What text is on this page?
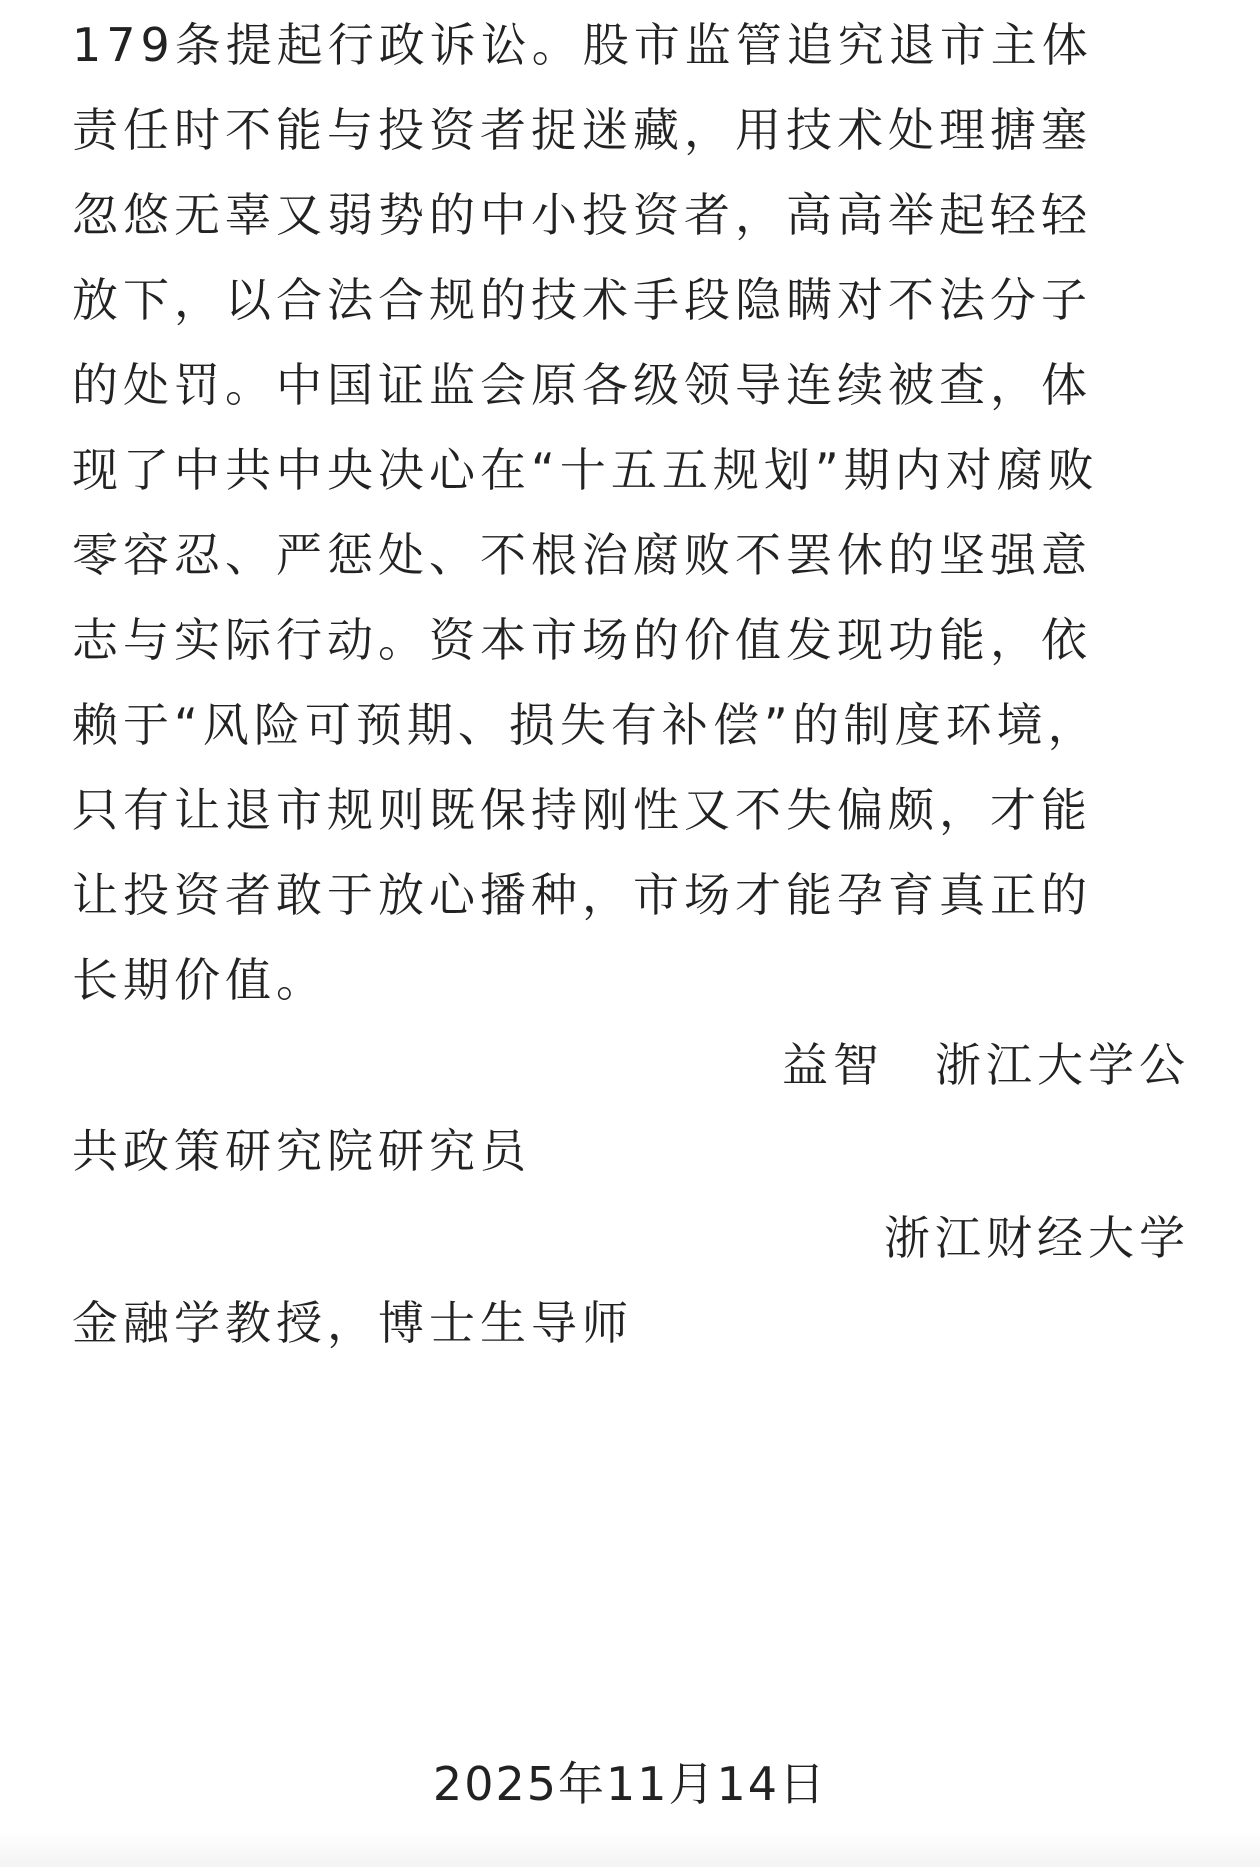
179条提起行政诉讼。股市监管追究退市主体
责任时不能与投资者捉迷藏，用技术处理搪塞
忽悠无辜又弱势的中小投资者，高高举起轻轻
放下，以合法合规的技术手段隐瞒对不法分子
的处罚。中国证监会原各级领导连续被查，体
现了中共中央决心在“十五五规划”期内对腐败
零容忍、严惩处、不根治腐败不罢休的坚强意
志与实际行动。资本市场的价值发现功能，依
赖于“风险可预期、损失有补偿”的制度环境，
只有让退市规则既保持刚性又不失偏颇，才能
让投资者敢于放心播种，市场才能孕育真正的
长期价值。
益智　浙江大学公
共政策研究院研究员
浙江财经大学
金融学教授，博士生导师
2025年11月14日
